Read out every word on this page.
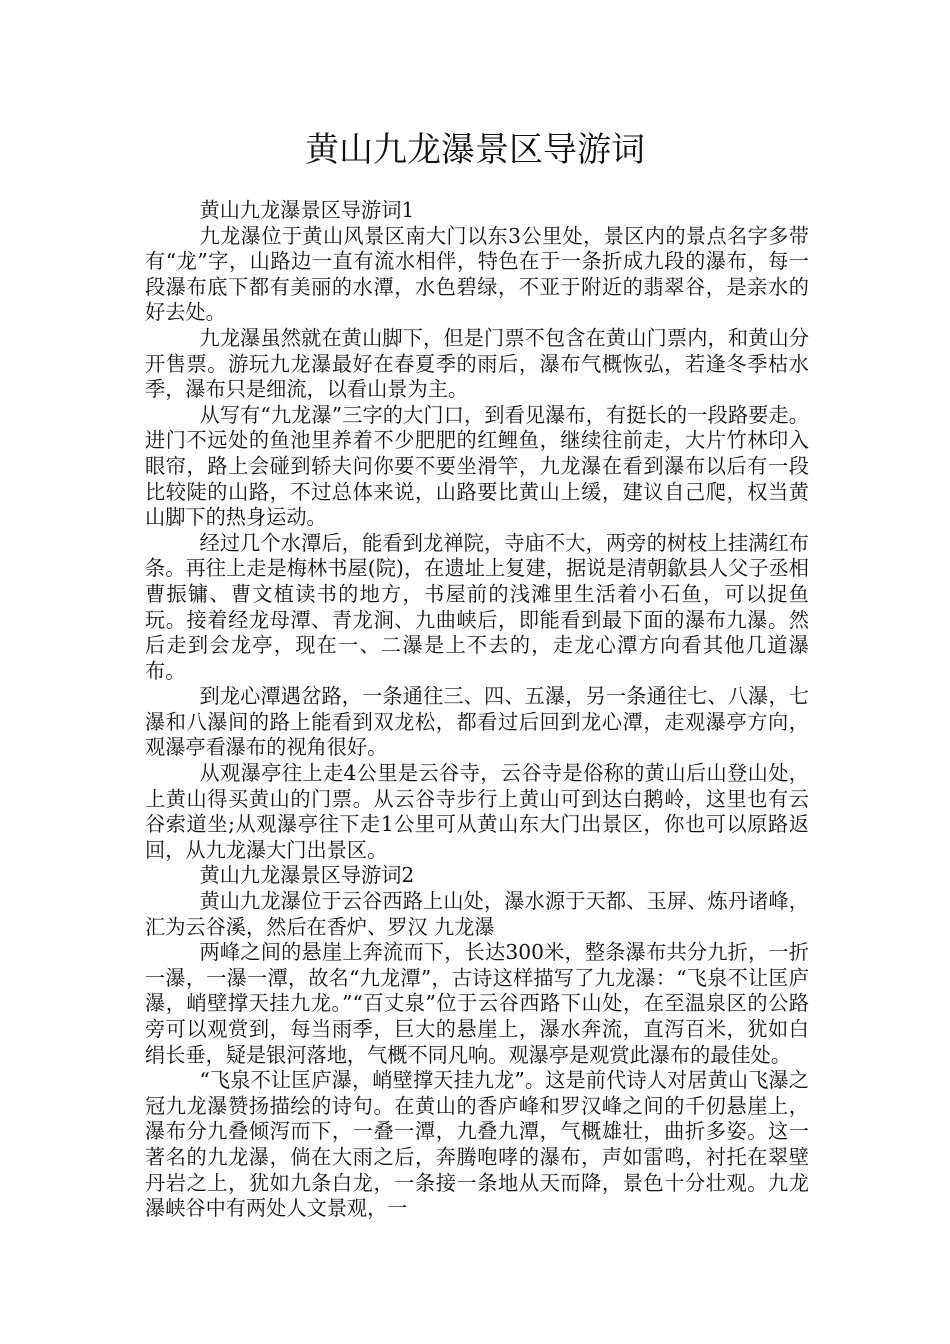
黄山九龙瀑景区导游词

黄山九龙瀑景区导游词1

九龙瀑位于黄山风景区南大门以东3公里处，景区内的景点名字多带有“龙”字，山路边一直有流水相伴，特色在于一条折成九段的瀑布，每一段瀑布底下都有美丽的水潭，水色碧绿，不亚于附近的翡翠谷，是亲水的好去处。

九龙瀑虽然就在黄山脚下，但是门票不包含在黄山门票内，和黄山分开售票。游玩九龙瀑最好在春夏季的雨后，瀑布气概恢弘，若逢冬季枯水季，瀑布只是细流，以看山景为主。

从写有“九龙瀑”三字的大门口，到看见瀑布，有挺长的一段路要走。进门不远处的鱼池里养着不少肥肥的红鲤鱼，继续往前走，大片竹林印入眼帘，路上会碰到轿夫问你要不要坐滑竿，九龙瀑在看到瀑布以后有一段比较陡的山路，不过总体来说，山路要比黄山上缓，建议自己爬，权当黄山脚下的热身运动。

经过几个水潭后，能看到龙禅院，寺庙不大，两旁的树枝上挂满红布条。再往上走是梅林书屋(院)，在遗址上复建，据说是清朝歙县人父子丞相曹振镛、曹文植读书的地方，书屋前的浅滩里生活着小石鱼，可以捉鱼玩。接着经龙母潭、青龙涧、九曲峡后，即能看到最下面的瀑布九瀑。然后走到会龙亭，现在一、二瀑是上不去的，走龙心潭方向看其他几道瀑布。

到龙心潭遇岔路，一条通往三、四、五瀑，另一条通往七、八瀑，七瀑和八瀑间的路上能看到双龙松，都看过后回到龙心潭，走观瀑亭方向，观瀑亭看瀑布的视角很好。

从观瀑亭往上走4公里是云谷寺，云谷寺是俗称的黄山后山登山处，上黄山得买黄山的门票。从云谷寺步行上黄山可到达白鹅岭，这里也有云谷索道坐;从观瀑亭往下走1公里可从黄山东大门出景区，你也可以原路返回，从九龙瀑大门出景区。

黄山九龙瀑景区导游词2

黄山九龙瀑位于云谷西路上山处，瀑水源于天都、玉屏、炼丹诸峰，汇为云谷溪，然后在香炉、罗汉 九龙瀑

两峰之间的悬崖上奔流而下，长达300米，整条瀑布共分九折，一折一瀑，一瀑一潭，故名“九龙潭”，古诗这样描写了九龙瀑：“飞泉不让匡庐瀑，峭壁撑天挂九龙。”“百丈泉”位于云谷西路下山处，在至温泉区的公路旁可以观赏到，每当雨季，巨大的悬崖上，瀑水奔流，直泻百米，犹如白绢长垂，疑是银河落地，气概不同凡响。观瀑亭是观赏此瀑布的最佳处。

“飞泉不让匡庐瀑，峭壁撑天挂九龙”。这是前代诗人对居黄山飞瀑之冠九龙瀑赞扬描绘的诗句。在黄山的香庐峰和罗汉峰之间的千仞悬崖上，瀑布分九叠倾泻而下，一叠一潭，九叠九潭，气概雄壮，曲折多姿。这一著名的九龙瀑，倘在大雨之后，奔腾咆哮的瀑布，声如雷鸣，衬托在翠壁丹岩之上，犹如九条白龙，一条接一条地从天而降，景色十分壮观。九龙瀑峡谷中有两处人文景观，一
